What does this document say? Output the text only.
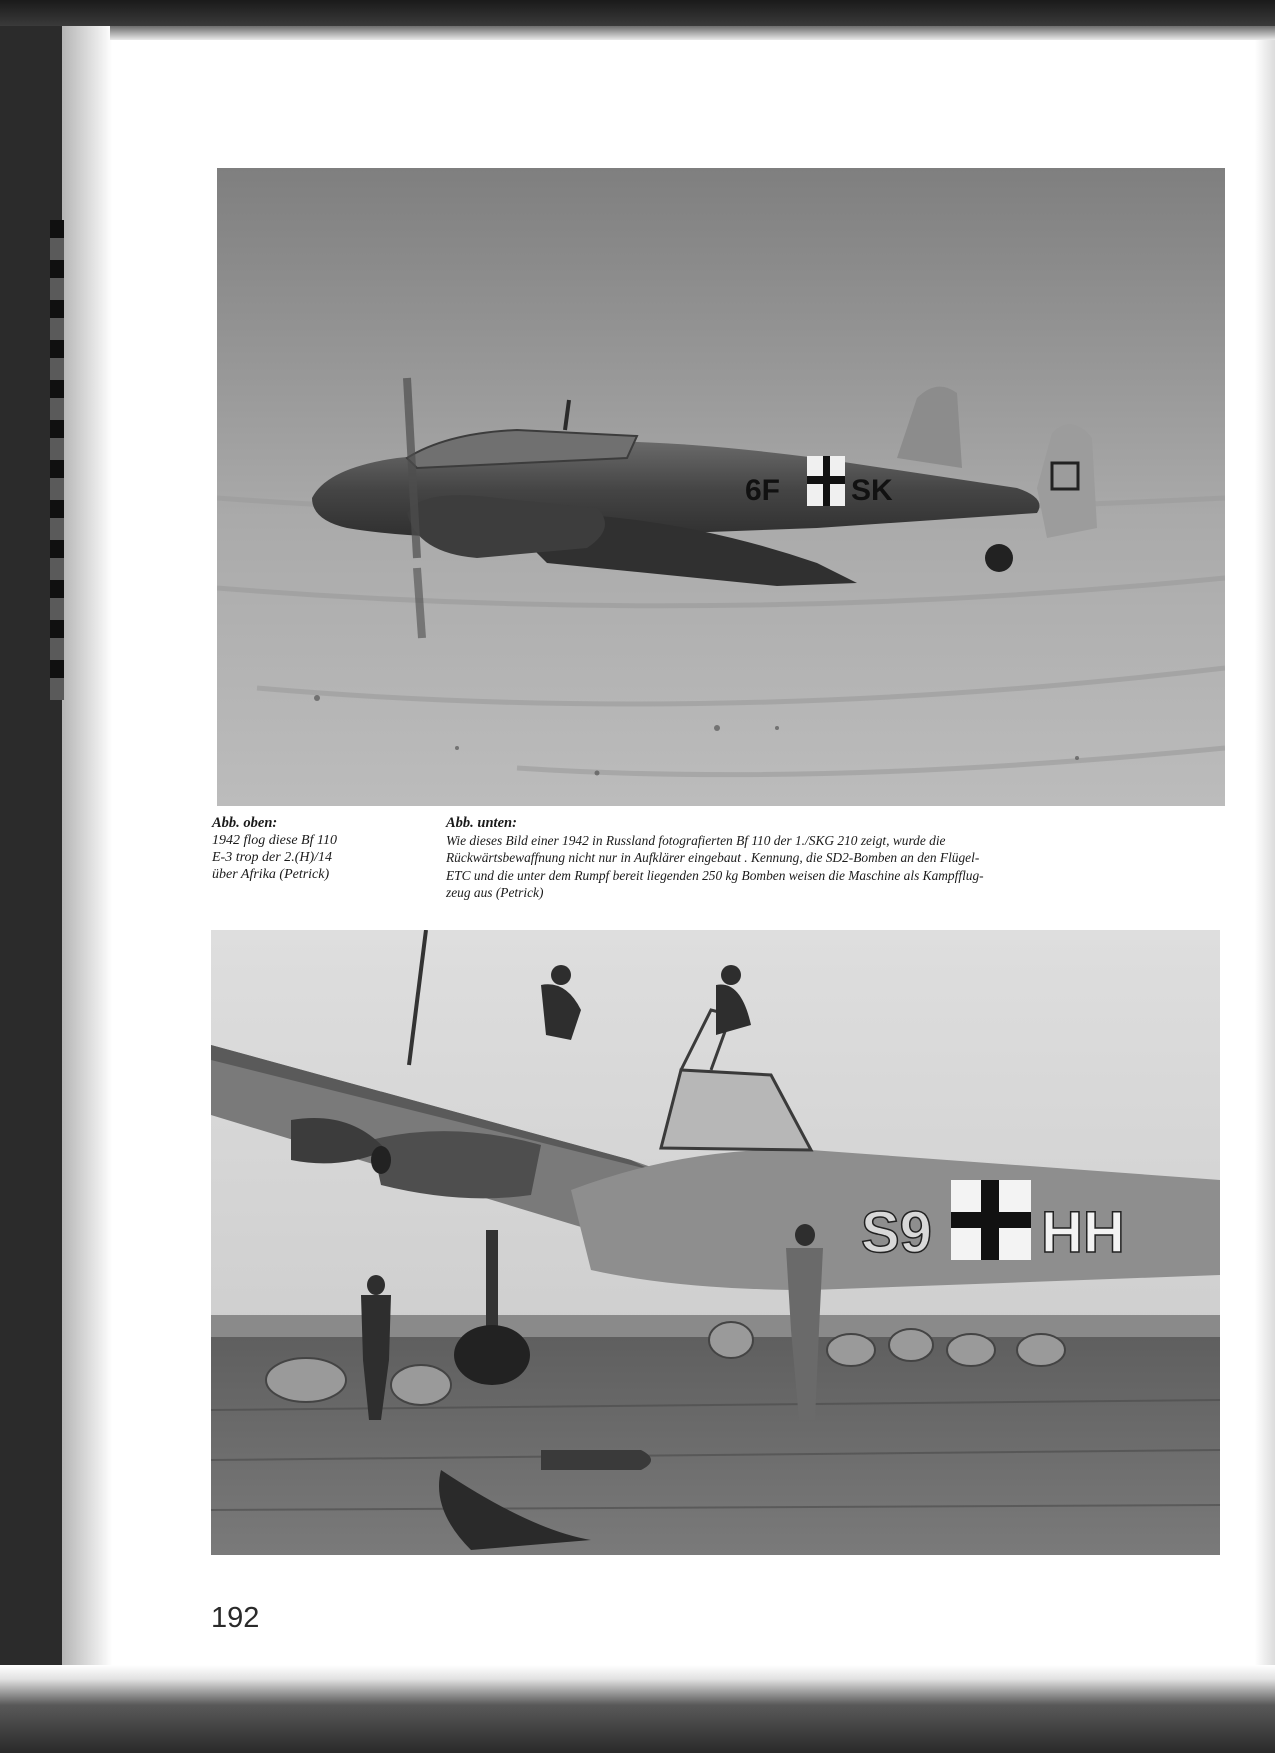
6F SK
Abb. oben:
1942 flog diese Bf 110
E-3 trop der 2.(H)/14
über Afrika (Petrick)
Abb. unten:
Wie dieses Bild einer 1942 in Russland fotografierten Bf 110 der 1./SKG 210 zeigt, wurde die
Rückwärtsbewaffnung nicht nur in Aufklärer eingebaut . Kennung, die SD2-Bomben an den Flügel-
ETC und die unter dem Rumpf bereit liegenden 250 kg Bomben weisen die Maschine als Kampfflug-
zeug aus (Petrick)
S9 HH
192
